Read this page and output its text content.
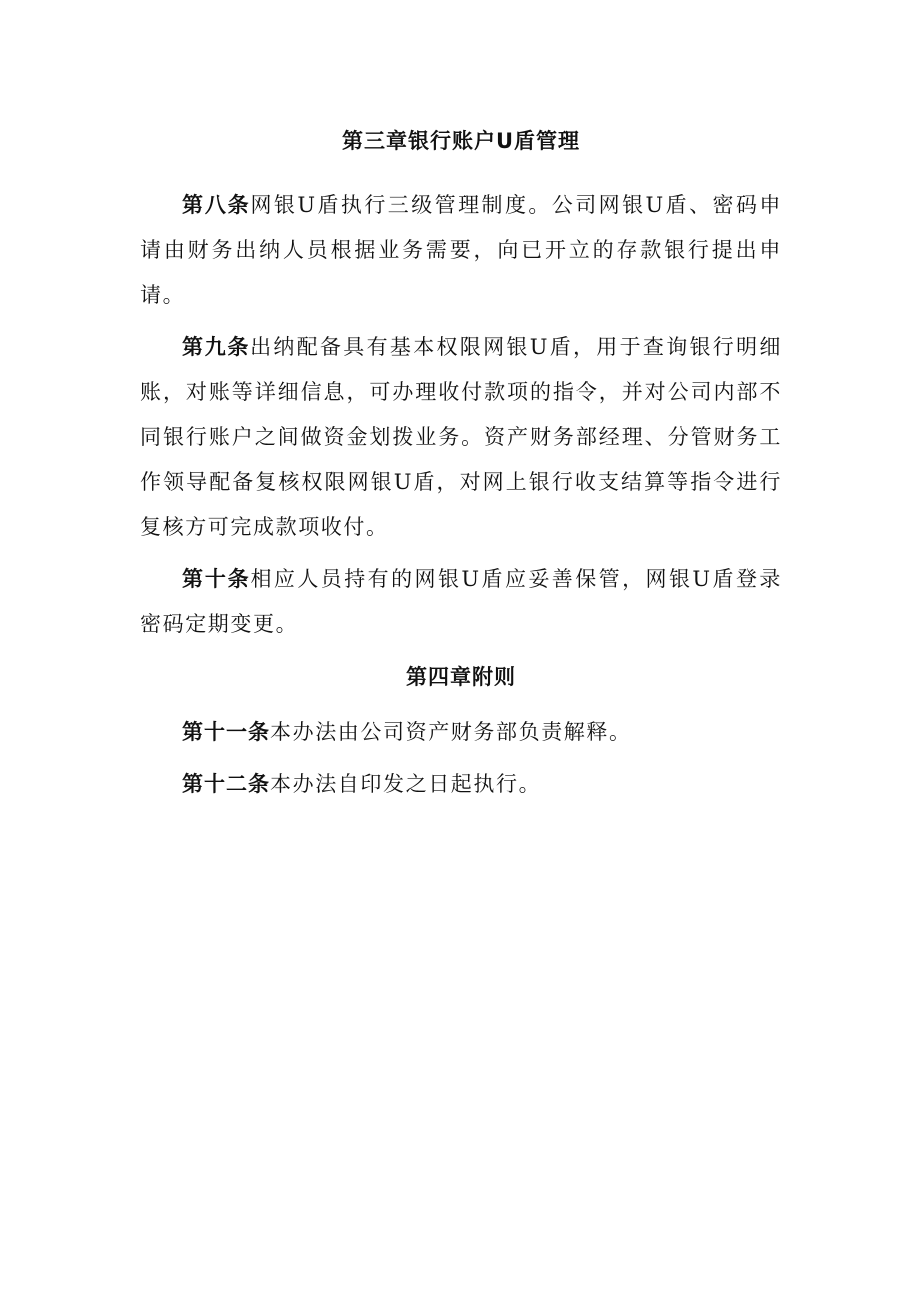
第三章银行账户U盾管理

第八条网银U盾执行三级管理制度。公司网银U盾、密码申请由财务出纳人员根据业务需要，向已开立的存款银行提出申请。

第九条出纳配备具有基本权限网银U盾，用于查询银行明细账，对账等详细信息，可办理收付款项的指令，并对公司内部不同银行账户之间做资金划拨业务。资产财务部经理、分管财务工作领导配备复核权限网银U盾，对网上银行收支结算等指令进行复核方可完成款项收付。

第十条相应人员持有的网银U盾应妥善保管，网银U盾登录密码定期变更。

第四章附则

第十一条本办法由公司资产财务部负责解释。

第十二条本办法自印发之日起执行。
